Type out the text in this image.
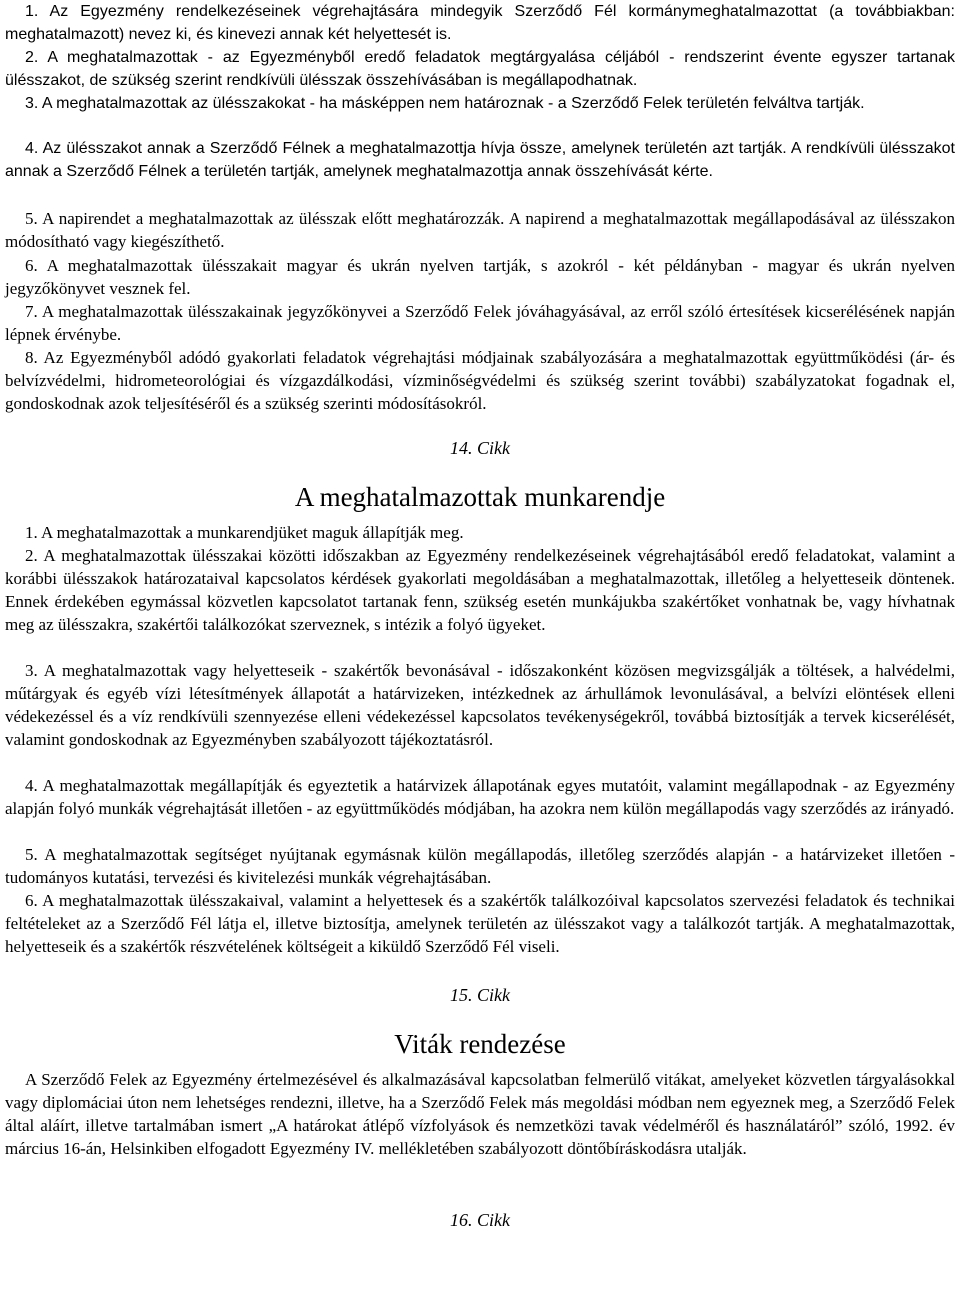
1. Az Egyezmény rendelkezéseinek végrehajtására mindegyik Szerződő Fél kormánymeghatalmazottat (a továbbiakban: meghatalmazott) nevez ki, és kinevezi annak két helyettesét is.

2. A meghatalmazottak - az Egyezményből eredő feladatok megtárgyalása céljából - rendszerint évente egyszer tartanak ülésszakot, de szükség szerint rendkívüli ülésszak összehívásában is megállapodhatnak.

3. A meghatalmazottak az ülésszakokat - ha másképpen nem határoznak - a Szerződő Felek területén felváltva tartják.

4. Az ülésszakot annak a Szerződő Félnek a meghatalmazottja hívja össze, amelynek területén azt tartják. A rendkívüli ülésszakot annak a Szerződő Félnek a területén tartják, amelynek meghatalmazottja annak összehívását kérte.

5. A napirendet a meghatalmazottak az ülésszak előtt meghatározzák. A napirend a meghatalmazottak megállapodásával az ülésszakon módosítható vagy kiegészíthető.

6. A meghatalmazottak ülésszakait magyar és ukrán nyelven tartják, s azokról - két példányban - magyar és ukrán nyelven jegyzőkönyvet vesznek fel.

7. A meghatalmazottak ülésszakainak jegyzőkönyvei a Szerződő Felek jóváhagyásával, az erről szóló értesítések kicserélésének napján lépnek érvénybe.

8. Az Egyezményből adódó gyakorlati feladatok végrehajtási módjainak szabályozására a meghatalmazottak együttműködési (ár- és belvízvédelmi, hidrometeorológiai és vízgazdálkodási, vízminőségvédelmi és szükség szerint további) szabályzatokat fogadnak el, gondoskodnak azok teljesítéséről és a szükség szerinti módosításokról.

14. Cikk

A meghatalmazottak munkarendje

1. A meghatalmazottak a munkarendjüket maguk állapítják meg.

2. A meghatalmazottak ülésszakai közötti időszakban az Egyezmény rendelkezéseinek végrehajtásából eredő feladatokat, valamint a korábbi ülésszakok határozataival kapcsolatos kérdések gyakorlati megoldásában a meghatalmazottak, illetőleg a helyetteseik döntenek. Ennek érdekében egymással közvetlen kapcsolatot tartanak fenn, szükség esetén munkájukba szakértőket vonhatnak be, vagy hívhatnak meg az ülésszakra, szakértői találkozókat szerveznek, s intézik a folyó ügyeket.

3. A meghatalmazottak vagy helyetteseik - szakértők bevonásával - időszakonként közösen megvizsgálják a töltések, a halvédelmi, műtárgyak és egyéb vízi létesítmények állapotát a határvizeken, intézkednek az árhullámok levonulásával, a belvízi elöntések elleni védekezéssel és a víz rendkívüli szennyezése elleni védekezéssel kapcsolatos tevékenységekről, továbbá biztosítják a tervek kicserélését, valamint gondoskodnak az Egyezményben szabályozott tájékoztatásról.

4. A meghatalmazottak megállapítják és egyeztetik a határvizek állapotának egyes mutatóit, valamint megállapodnak - az Egyezmény alapján folyó munkák végrehajtását illetően - az együttműködés módjában, ha azokra nem külön megállapodás vagy szerződés az irányadó.

5. A meghatalmazottak segítséget nyújtanak egymásnak külön megállapodás, illetőleg szerződés alapján - a határvizeket illetően - tudományos kutatási, tervezési és kivitelezési munkák végrehajtásában.

6. A meghatalmazottak ülésszakaival, valamint a helyettesek és a szakértők találkozóival kapcsolatos szervezési feladatok és technikai feltételeket az a Szerződő Fél látja el, illetve biztosítja, amelynek területén az ülésszakot vagy a találkozót tartják. A meghatalmazottak, helyetteseik és a szakértők részvételének költségeit a kiküldő Szerződő Fél viseli.

15. Cikk

Viták rendezése

A Szerződő Felek az Egyezmény értelmezésével és alkalmazásával kapcsolatban felmerülő vitákat, amelyeket közvetlen tárgyalásokkal vagy diplomáciai úton nem lehetséges rendezni, illetve, ha a Szerződő Felek más megoldási módban nem egyeznek meg, a Szerződő Felek által aláírt, illetve tartalmában ismert „A határokat átlépő vízfolyások és nemzetközi tavak védelméről és használatáról” szóló, 1992. év március 16-án, Helsinkiben elfogadott Egyezmény IV. mellékletében szabályozott döntőbíráskodásra utalják.

16. Cikk
